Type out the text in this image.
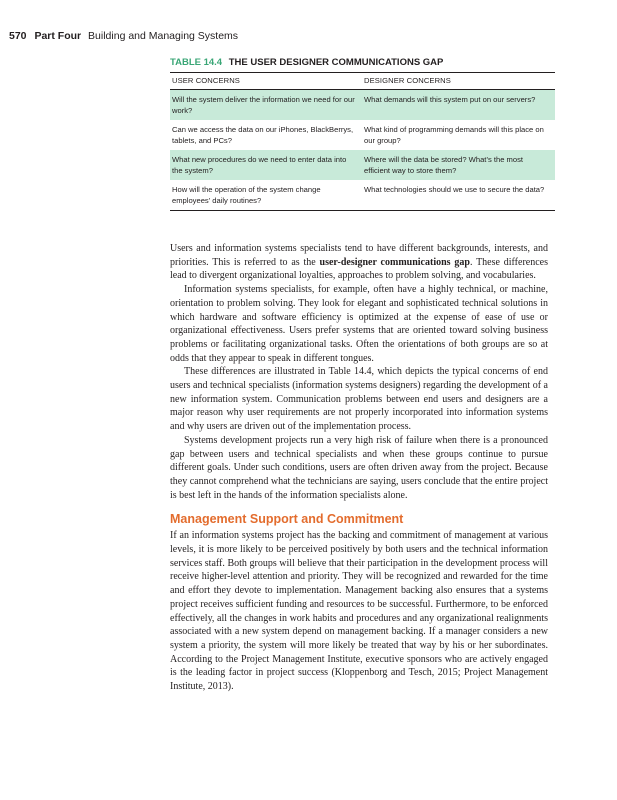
570 Part Four Building and Managing Systems
TABLE 14.4 THE USER DESIGNER COMMUNICATIONS GAP
USER CONCERNS	DESIGNER CONCERNS
Will the system deliver the information we need for our work?	What demands will this system put on our servers?
Can we access the data on our iPhones, BlackBerrys, tablets, and PCs?	What kind of programming demands will this place on our group?
What new procedures do we need to enter data into the system?	Where will the data be stored? What’s the most efficient way to store them?
How will the operation of the system change employees’ daily routines?	What technologies should we use to secure the data?

Users and information systems specialists tend to have different backgrounds, interests, and priorities. This is referred to as the user-designer communications gap. These differences lead to divergent organizational loyalties, approaches to problem solving, and vocabularies.

Information systems specialists, for example, often have a highly technical, or machine, orientation to problem solving. They look for elegant and sophisticated technical solutions in which hardware and software efficiency is optimized at the expense of ease of use or organizational effectiveness. Users prefer systems that are oriented toward solving business problems or facilitating organizational tasks. Often the orientations of both groups are so at odds that they appear to speak in different tongues.

These differences are illustrated in Table 14.4, which depicts the typical concerns of end users and technical specialists (information systems designers) regarding the development of a new information system. Communication problems between end users and designers are a major reason why user requirements are not properly incorporated into information systems and why users are driven out of the implementation process.

Systems development projects run a very high risk of failure when there is a pronounced gap between users and technical specialists and when these groups continue to pursue different goals. Under such conditions, users are often driven away from the project. Because they cannot comprehend what the technicians are saying, users conclude that the entire project is best left in the hands of the information specialists alone.

Management Support and Commitment

If an information systems project has the backing and commitment of management at various levels, it is more likely to be perceived positively by both users and the technical information services staff. Both groups will believe that their participation in the development process will receive higher-level attention and priority. They will be recognized and rewarded for the time and effort they devote to implementation. Management backing also ensures that a systems project receives sufficient funding and resources to be successful. Furthermore, to be enforced effectively, all the changes in work habits and procedures and any organizational realignments associated with a new system depend on management backing. If a manager considers a new system a priority, the system will more likely be treated that way by his or her subordinates. According to the Project Management Institute, executive sponsors who are actively engaged is the leading factor in project success (Kloppenborg and Tesch, 2015; Project Management Institute, 2013).
